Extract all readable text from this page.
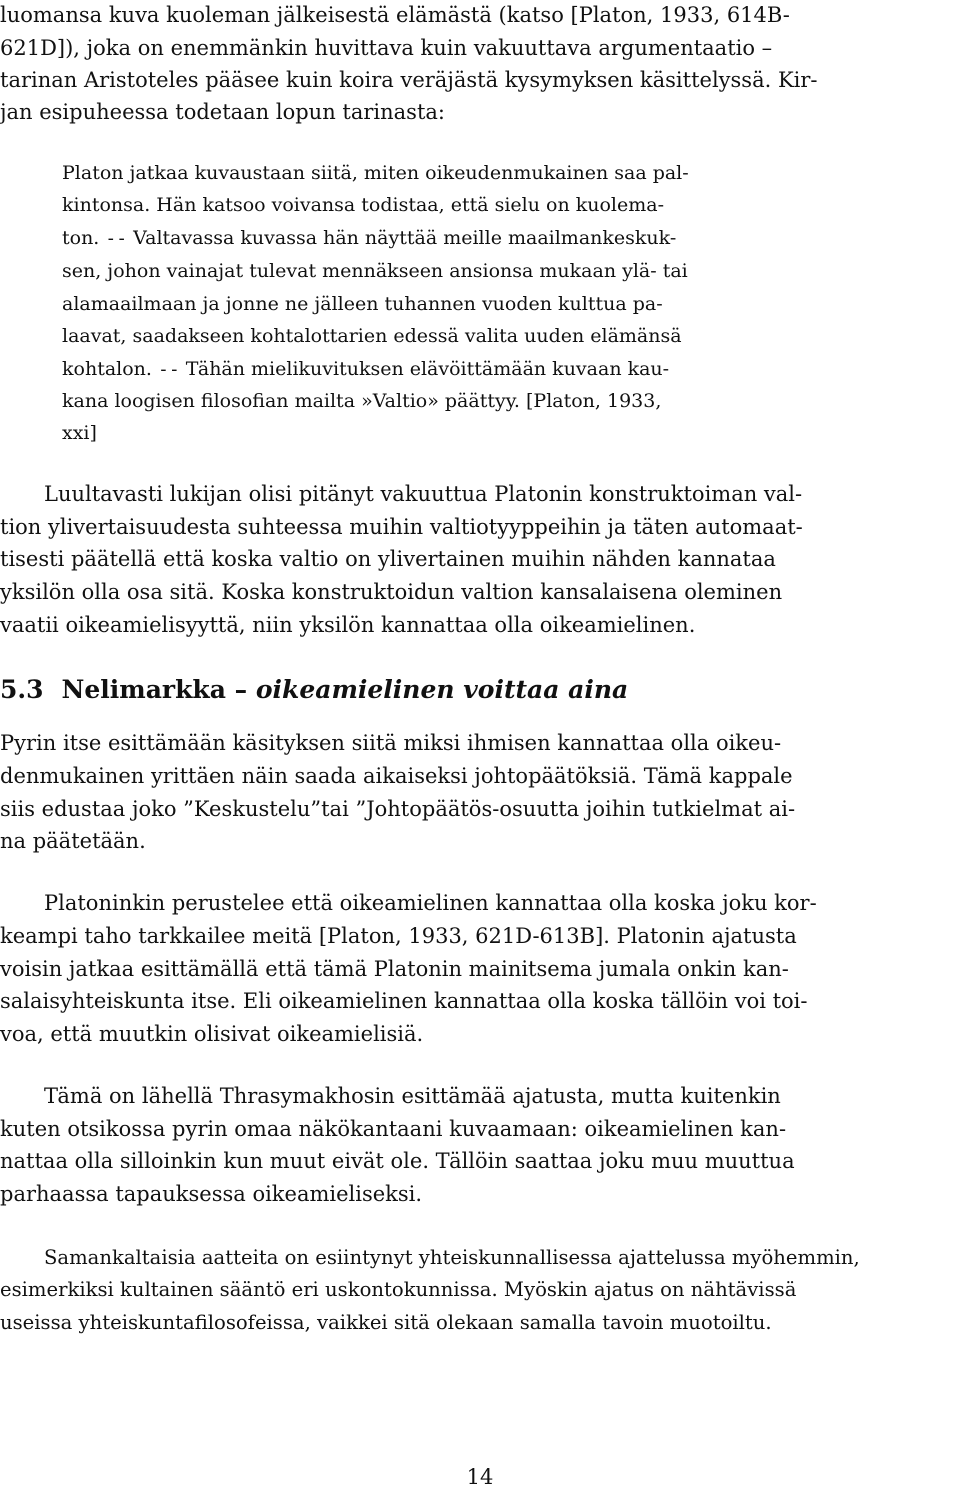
luomansa kuva kuoleman jälkeisestä elämästä (katso [Platon, 1933, 614B-
621D]), joka on enemmänkin huvittava kuin vakuuttava argumentaatio –
tarinan Aristoteles pääsee kuin koira veräjästä kysymyksen käsittelyssä. Kir-
jan esipuheessa todetaan lopun tarinasta:
Platon jatkaa kuvaustaan siitä, miten oikeudenmukainen saa pal-
kintonsa. Hän katsoo voivansa todistaa, että sielu on kuolema-
ton. -- Valtavassa kuvassa hän näyttää meille maailmankeskuk-
sen, johon vainajat tulevat mennäkseen ansionsa mukaan ylä- tai
alamaailmaan ja jonne ne jälleen tuhannen vuoden kulttua pa-
laavat, saadakseen kohtalottarien edessä valita uuden elämänsä
kohtalon. -- Tähän mielikuvituksen elävöittämään kuvaan kau-
kana loogisen filosofian mailta »Valtio» päättyy. [Platon, 1933,
xxi]
Luultavasti lukijan olisi pitänyt vakuuttua Platonin konstruktoiman val-
tion ylivertaisuudesta suhteessa muihin valtiotyyppeihin ja täten automaat-
tisesti päätellä että koska valtio on ylivertainen muihin nähden kannataa
yksilön olla osa sitä. Koska konstruktoidun valtion kansalaisena oleminen
vaatii oikeamielisyyttä, niin yksilön kannattaa olla oikeamielinen.
5.3 Nelimarkka – oikeamielinen voittaa aina
Pyrin itse esittämään käsityksen siitä miksi ihmisen kannattaa olla oikeu-
denmukainen yrittäen näin saada aikaiseksi johtopäätöksiä. Tämä kappale
siis edustaa joko ”Keskustelu”tai ”Johtopäätös-osuutta joihin tutkielmat ai-
na päätetään.
Platoninkin perustelee että oikeamielinen kannattaa olla koska joku kor-
keampi taho tarkkailee meitä [Platon, 1933, 621D-613B]. Platonin ajatusta
voisin jatkaa esittämällä että tämä Platonin mainitsema jumala onkin kan-
salaisyhteiskunta itse. Eli oikeamielinen kannattaa olla koska tällöin voi toi-
voa, että muutkin olisivat oikeamielisiä.
Tämä on lähellä Thrasymakhosin esittämää ajatusta, mutta kuitenkin
kuten otsikossa pyrin omaa näkökantaani kuvaamaan: oikeamielinen kan-
nattaa olla silloinkin kun muut eivät ole. Tällöin saattaa joku muu muuttua
parhaassa tapauksessa oikeamieliseksi.
Samankaltaisia aatteita on esiintynyt yhteiskunnallisessa ajattelussa myöhemmin,
esimerkiksi kultainen sääntö eri uskontokunnissa. Myöskin ajatus on nähtävissä
useissa yhteiskuntafilosofeissa, vaikkei sitä olekaan samalla tavoin muotoiltu.
14
